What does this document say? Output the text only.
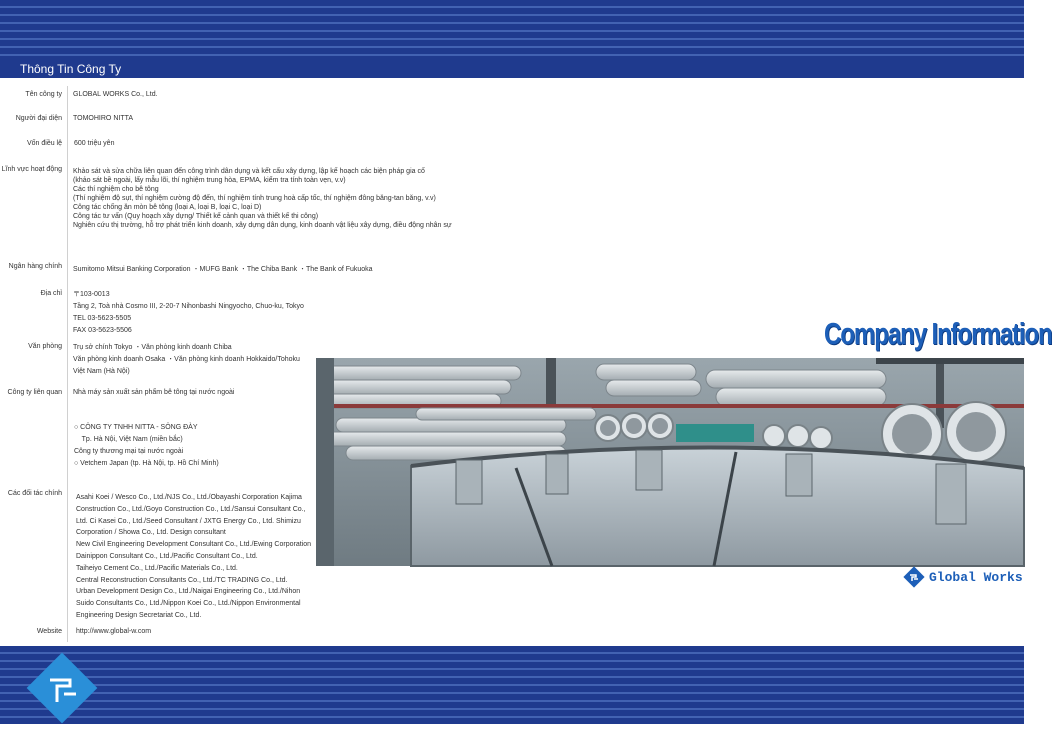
Thông Tin Công Ty
Tên công ty
Người đại diện
Vốn điều lệ
Lĩnh vực hoạt động
Ngân hàng chính
Địa chỉ
Văn phòng
Công ty liên quan
Các đối tác chính
Website
GLOBAL WORKS Co., Ltd.
TOMOHIRO NITTA
600 triệu yên
Khảo sát và sửa chữa liên quan đến công trình dân dụng và kết cấu xây dựng, lập kế hoạch các biện pháp gia cố
(khảo sát bề ngoài, lấy mẫu lõi, thí nghiệm trung hòa, EPMA, kiểm tra tính toàn vẹn, v.v)
Các thí nghiệm cho bê tông
(Thí nghiệm độ sụt, thí nghiệm cường độ đến, thí nghiệm tính trung hoà cấp tốc, thí nghiệm đông băng-tan băng, v.v)
Công tác chống ăn mòn bê tông (loại A, loại B, loại C, loại D)
Công tác tư vấn (Quy hoạch xây dựng/ Thiết kế cảnh quan và thiết kế thi công)
Nghiên cứu thị trường, hỗ trợ phát triển kinh doanh, xây dựng dân dụng, kinh doanh vật liệu xây dựng, điều động nhân sự
Sumitomo Mitsui Banking Corporation ・MUFG Bank ・The Chiba Bank ・The Bank of Fukuoka
〒103-0013
Tầng 2, Toà nhà Cosmo III, 2-20-7 Nihonbashi Ningyocho, Chuo-ku, Tokyo
TEL 03-5623-5505
FAX 03-5623-5506
Trụ sở chính Tokyo ・Văn phòng kinh doanh Chiba
Văn phòng kinh doanh Osaka ・Văn phòng kinh doanh Hokkaido/Tohoku
Việt Nam (Hà Nội)
Nhà máy sản xuất sản phẩm bê tông tại nước ngoài
○ CÔNG TY TNHH NITTA - SÔNG ĐÀY
Tp. Hà Nội, Việt Nam (miền bắc)
Công ty thương mại tại nước ngoài
○ Vetchem Japan (tp. Hà Nội, tp. Hồ Chí Minh)
Asahi Koei / Wesco Co., Ltd./NJS Co., Ltd./Obayashi Corporation Kajima
Construction Co., Ltd./Goyo Construction Co., Ltd./Sansui Consultant Co.,
Ltd. Ci Kasei Co., Ltd./Seed Consultant / JXTG Energy Co., Ltd. Shimizu
Corporation / Showa Co., Ltd. Design consultant
New Civil Engineering Development Consultant Co., Ltd./Ewing Corporation
Dainippon Consultant Co., Ltd./Pacific Consultant Co., Ltd.
Taiheiyo Cement Co., Ltd./Pacific Materials Co., Ltd.
Central Reconstruction Consultants Co., Ltd./TC TRADING Co., Ltd.
Urban Development Design Co., Ltd./Naigai Engineering Co., Ltd./Nihon
Suido Consultants Co., Ltd./Nippon Koei Co., Ltd./Nippon Environmental
Engineering Design Secretariat Co., Ltd.
http://www.global-w.com
Company Information
Global Works
